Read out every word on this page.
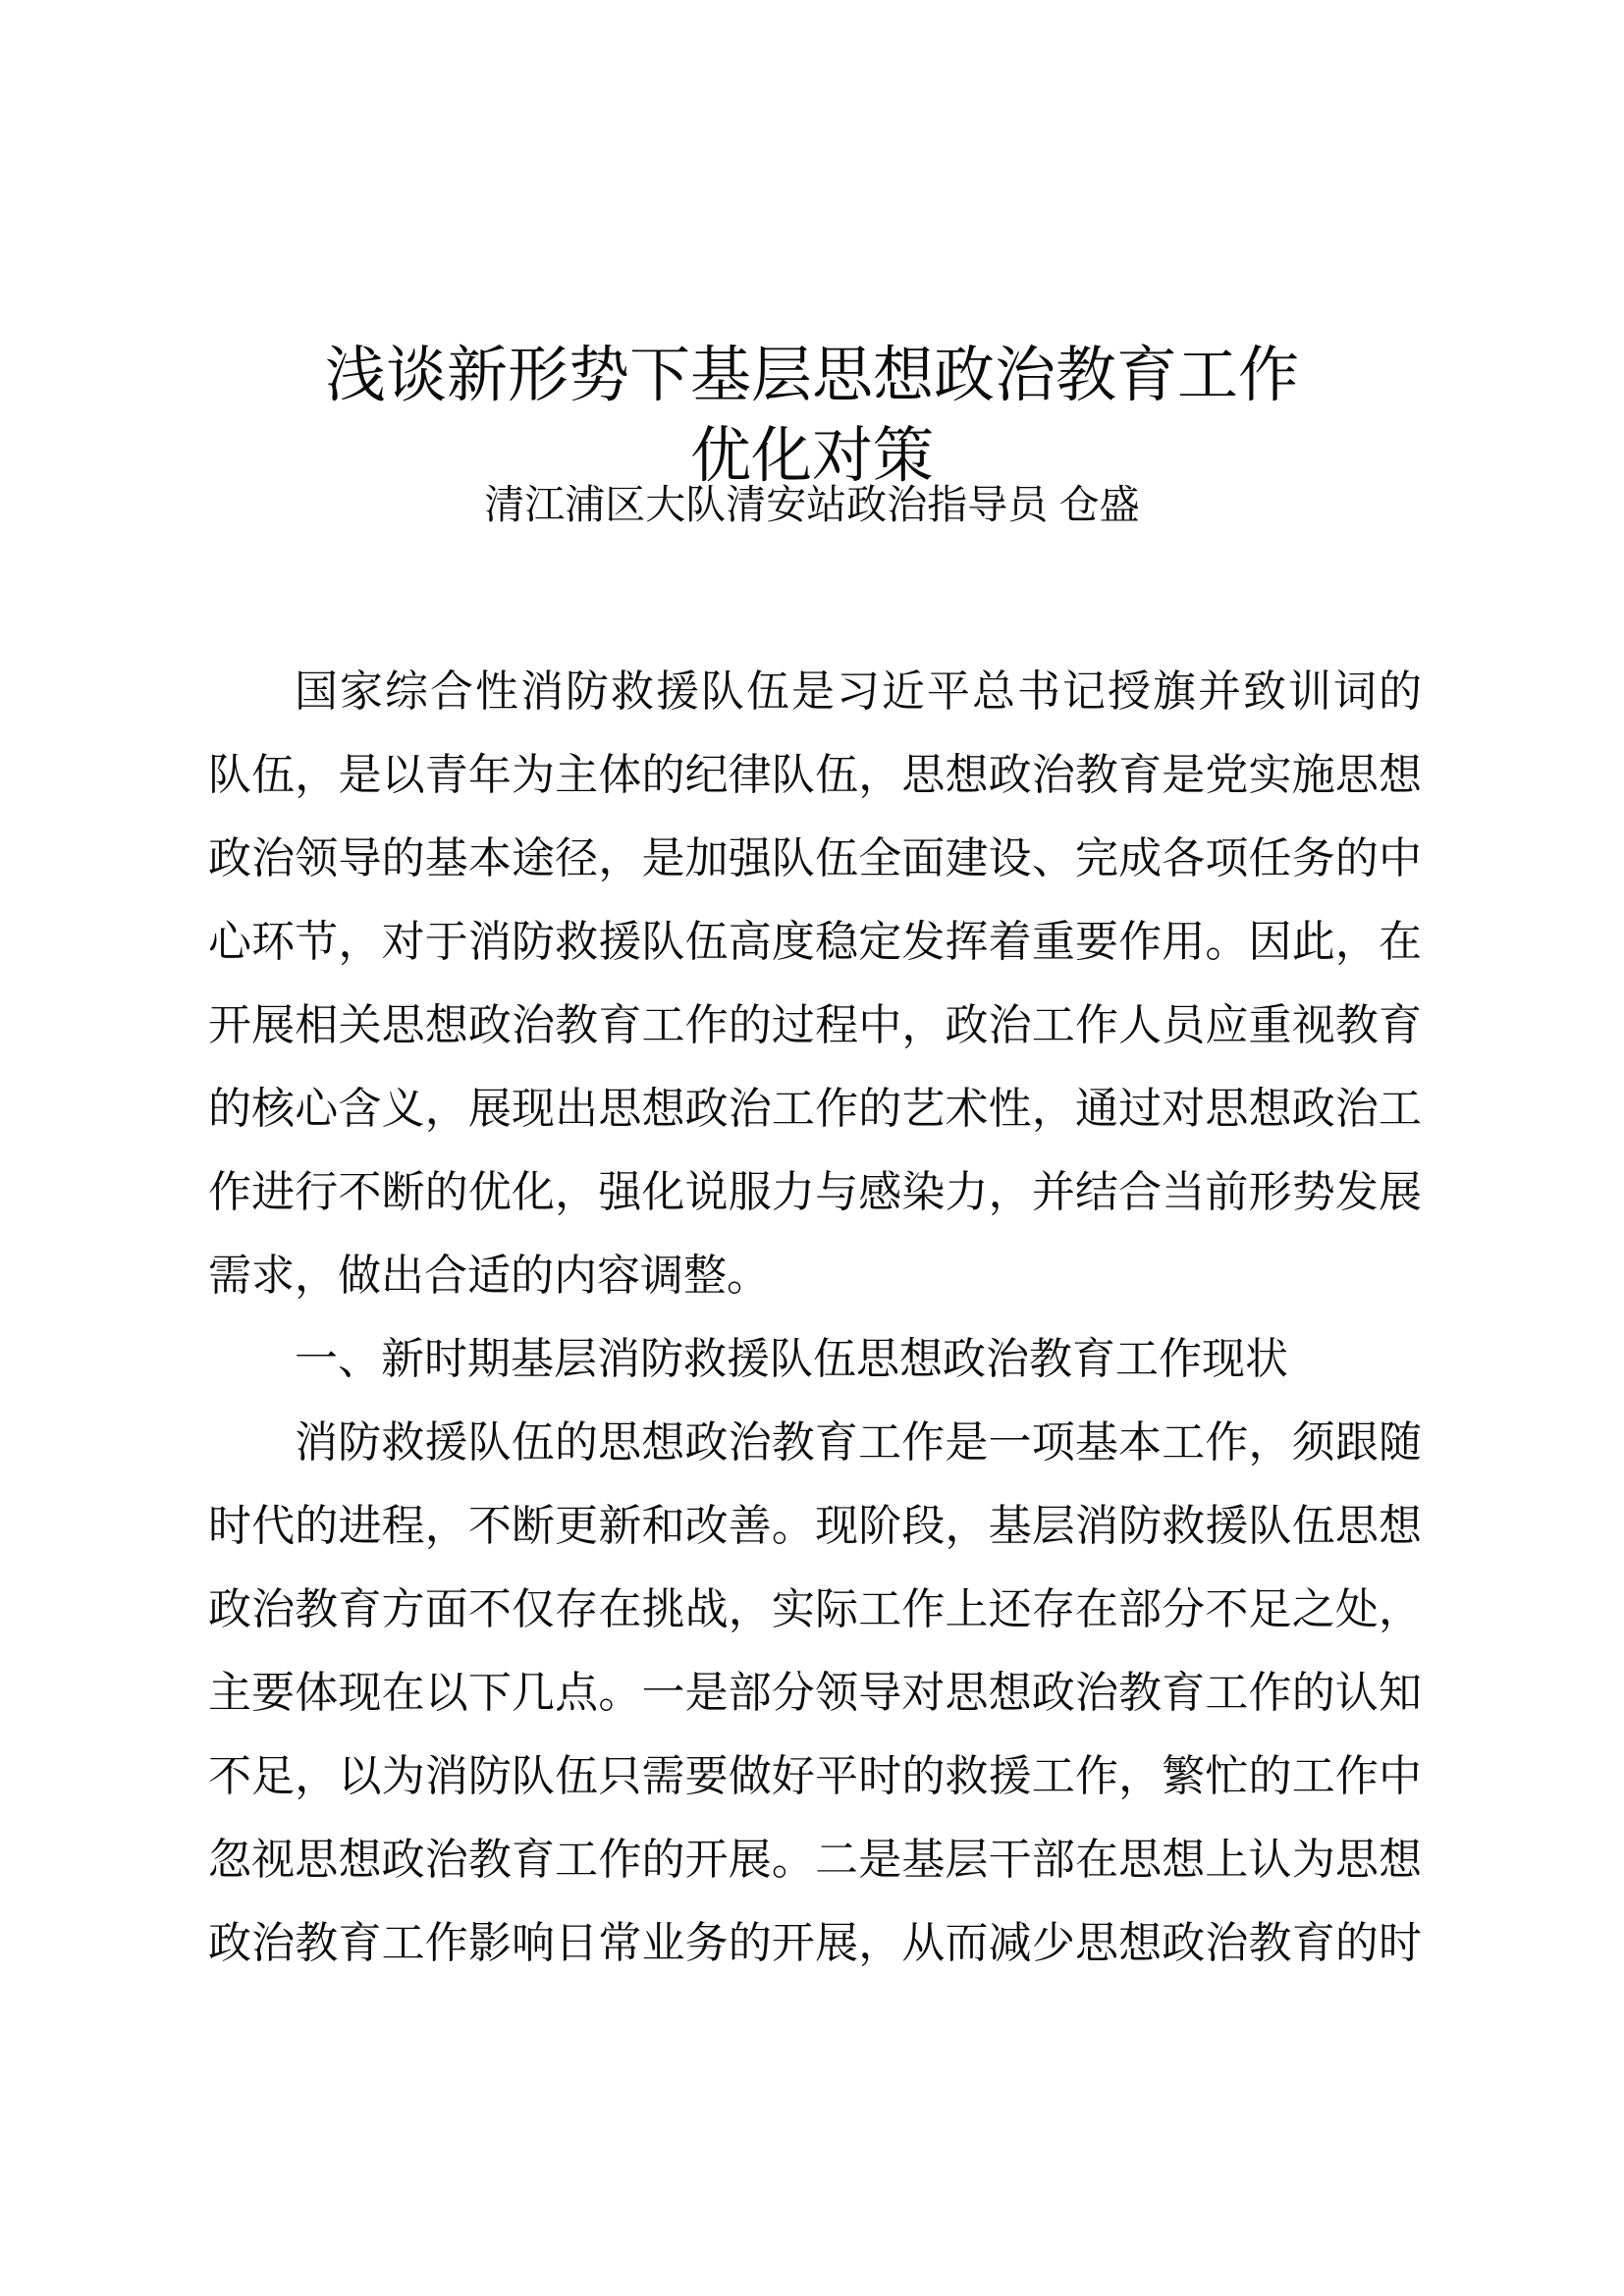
浅谈新形势下基层思想政治教育工作
优化对策
清江浦区大队清安站政治指导员 仓盛

国家综合性消防救援队伍是习近平总书记授旗并致训词的
队伍，是以青年为主体的纪律队伍，思想政治教育是党实施思想
政治领导的基本途径，是加强队伍全面建设、完成各项任务的中
心环节，对于消防救援队伍高度稳定发挥着重要作用。因此，在
开展相关思想政治教育工作的过程中，政治工作人员应重视教育
的核心含义，展现出思想政治工作的艺术性，通过对思想政治工
作进行不断的优化，强化说服力与感染力，并结合当前形势发展
需求，做出合适的内容调整。

一、新时期基层消防救援队伍思想政治教育工作现状

消防救援队伍的思想政治教育工作是一项基本工作，须跟随
时代的进程，不断更新和改善。现阶段，基层消防救援队伍思想
政治教育方面不仅存在挑战，实际工作上还存在部分不足之处，
主要体现在以下几点。一是部分领导对思想政治教育工作的认知
不足，以为消防队伍只需要做好平时的救援工作，繁忙的工作中
忽视思想政治教育工作的开展。二是基层干部在思想上认为思想
政治教育工作影响日常业务的开展，从而减少思想政治教育的时
